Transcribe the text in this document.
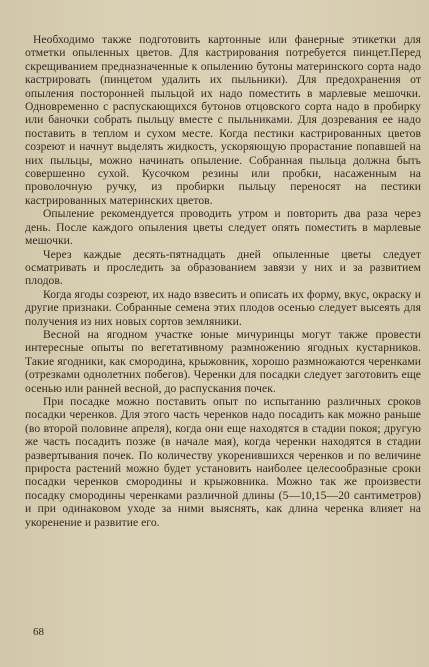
Необходимо также подготовить картонные или фанерные этикетки для отметки опыленных цветов. Для кастрирования потребуется пинцет.Перед скрещиванием предназначенные к опылению бутоны материнского сорта надо кастрировать (пинцетом удалить их пыльники). Для предохранения от опыления посторонней пыльцой их надо поместить в марлевые мешочки. Одновременно с распускающихся бутонов отцовского сорта надо в пробирку или баночки собрать пыльцу вместе с пыльниками. Для дозревания ее надо поставить в теплом и сухом месте. Когда пестики кастрированных цветов созреют и начнут выделять жидкость, ускоряющую прорастание попавшей на них пыльцы, можно начинать опыление. Собранная пыльца должна быть совершенно сухой. Кусочком резины или пробки, насаженным на проволочную ручку, из пробирки пыльцу переносят на пестики кастрированных материнских цветов.

Опыление рекомендуется проводить утром и повторить два раза через день. После каждого опыления цветы следует опять поместить в марлевые мешочки.

Через каждые десять-пятнадцать дней опыленные цветы следует осматривать и проследить за образованием завязи у них и за развитием плодов.

Когда ягоды созреют, их надо взвесить и описать их форму, вкус, окраску и другие признаки. Собранные семена этих плодов осенью следует высеять для получения из них новых сортов земляники.

Весной на ягодном участке юные мичуринцы могут также провести интересные опыты по вегетативному размножению ягодных кустарников. Такие ягодники, как смородина, крыжовник, хорошо размножаются черенками (отрезками однолетних побегов). Черенки для посадки следует заготовить еще осенью или ранней весной, до распускания почек.

При посадке можно поставить опыт по испытанию различных сроков посадки черенков. Для этого часть черенков надо посадить как можно раньше (во второй половине апреля), когда они еще находятся в стадии покоя; другую же часть посадить позже (в начале мая), когда черенки находятся в стадии развертывания почек. По количеству укоренившихся черенков и по величине прироста растений можно будет установить наиболее целесообразные сроки посадки черенков смородины и крыжовника. Можно так же произвести посадку смородины черенками различной длины (5—10,15—20 сантиметров) и при одинаковом уходе за ними выяснять, как длина черенка влияет на укоренение и развитие его.

68
